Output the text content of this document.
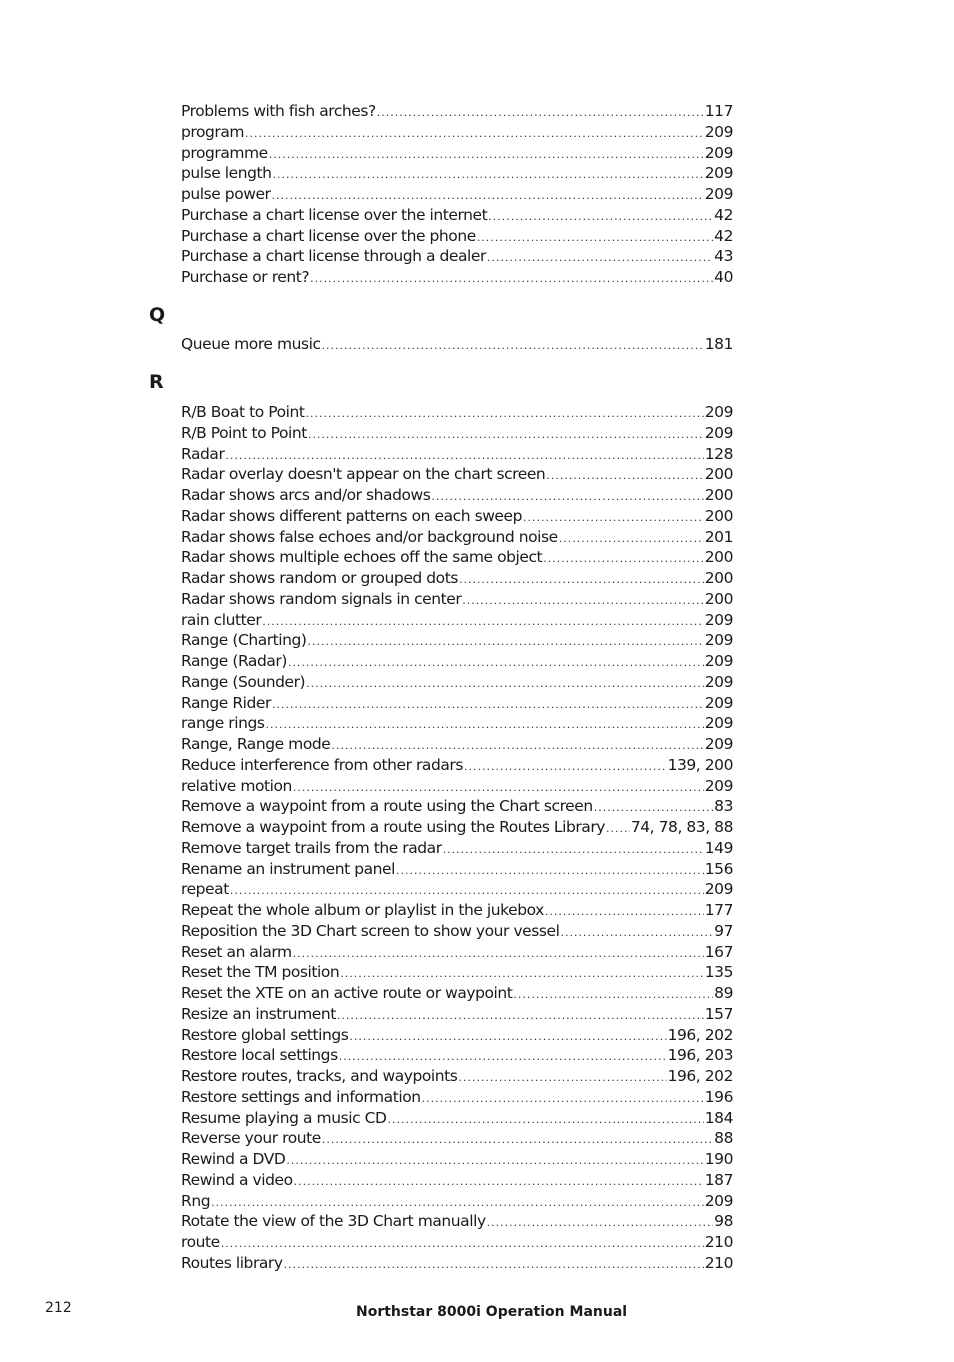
Problems with fish arches? .....	117
program .....	209
programme .....	209
pulse length .....	209
pulse power .....	209
Purchase a chart license over the internet .....	42
Purchase a chart license over the phone .....	42
Purchase a chart license through a dealer .....	43
Purchase or rent? .....	40
Q
Queue more music .....	181
R
R/B Boat to Point .....	209
R/B Point to Point .....	209
Radar .....	128
Radar overlay doesn't appear on the chart screen .....	200
Radar shows arcs and/or shadows .....	200
Radar shows different patterns on each sweep .....	200
Radar shows false echoes and/or background noise .....	201
Radar shows multiple echoes off the same object .....	200
Radar shows random or grouped dots .....	200
Radar shows random signals in center .....	200
rain clutter .....	209
Range (Charting) .....	209
Range (Radar) .....	209
Range (Sounder) .....	209
Range Rider .....	209
range rings .....	209
Range, Range mode .....	209
Reduce interference from other radars .....	139, 200
relative motion .....	209
Remove a waypoint from a route using the Chart screen .....	83
Remove a waypoint from a route using the Routes Library ..... 74, 78, 83, 88
Remove target trails from the radar .....	149
Rename an instrument panel .....	156
repeat .....	209
Repeat the whole album or playlist in the jukebox .....	177
Reposition the 3D Chart screen to show your vessel .....	97
Reset an alarm .....	167
Reset the TM position .....	135
Reset the XTE on an active route or waypoint .....	89
Resize an instrument .....	157
Restore global settings .....	196, 202
Restore local settings .....	196, 203
Restore routes, tracks, and waypoints .....	196, 202
Restore settings and information .....	196
Resume playing a music CD .....	184
Reverse your route .....	88
Rewind a DVD .....	190
Rewind a video .....	187
Rng .....	209
Rotate the view of the 3D Chart manually .....	98
route .....	210
Routes library .....	210
212	Northstar 8000i Operation Manual
